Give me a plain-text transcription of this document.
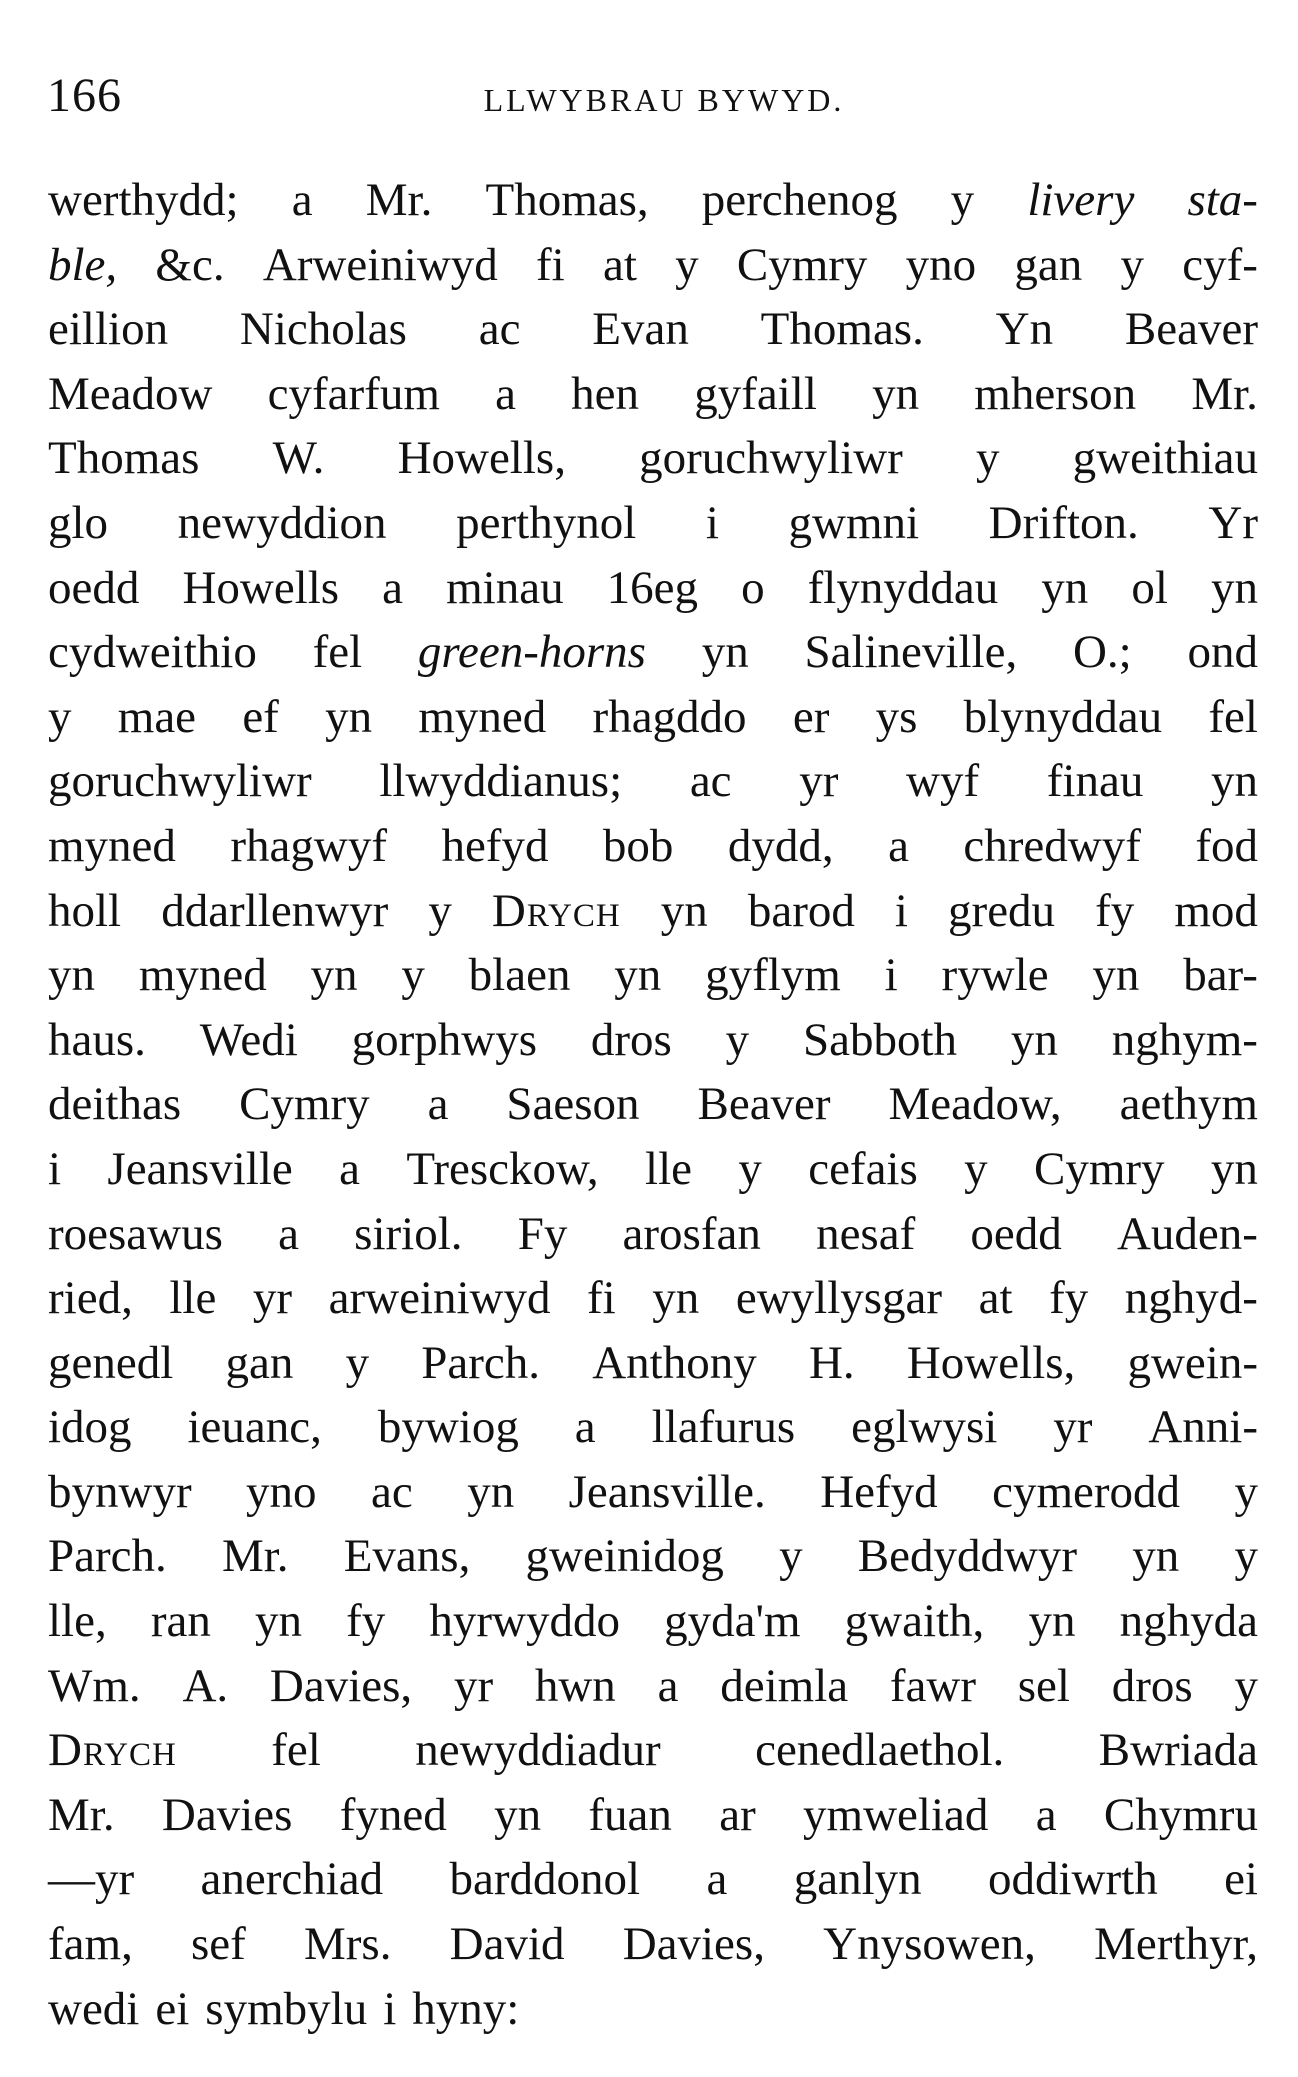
166	LLWYBRAU BYWYD.
werthydd; a Mr. Thomas, perchenog y livery sta-
ble, &c. Arweiniwyd fi at y Cymry yno gan y cyf-
eillion Nicholas ac Evan Thomas. Yn Beaver
Meadow cyfarfum a hen gyfaill yn mherson Mr.
Thomas W. Howells, goruchwyliwr y gweithiau
glo newyddion perthynol i gwmni Drifton. Yr
oedd Howells a minau 16eg o flynyddau yn ol yn
cydweithio fel green-horns yn Salineville, O.; ond
y mae ef yn myned rhagddo er ys blynyddau fel
goruchwyliwr llwyddianus; ac yr wyf finau yn
myned rhagwyf hefyd bob dydd, a chredwyf fod
holl ddarllenwyr y Drych yn barod i gredu fy mod
yn myned yn y blaen yn gyflym i rywle yn bar-
haus. Wedi gorphwys dros y Sabboth yn nghym-
deithas Cymry a Saeson Beaver Meadow, aethym
i Jeansville a Tresckow, lle y cefais y Cymry yn
roesawus a siriol. Fy arosfan nesaf oedd Auden-
ried, lle yr arweiniwyd fi yn ewyllysgar at fy nghyd-
genedl gan y Parch. Anthony H. Howells, gwein-
idog ieuanc, bywiog a llafurus eglwysi yr Anni-
bynwyr yno ac yn Jeansville. Hefyd cymerodd y
Parch. Mr. Evans, gweinidog y Bedyddwyr yn y
lle, ran yn fy hyrwyddo gyda'm gwaith, yn nghyda
Wm. A. Davies, yr hwn a deimla fawr sel dros y
Drych fel newyddiadur cenedlaethol. Bwriada
Mr. Davies fyned yn fuan ar ymweliad a Chymru
—yr anerchiad barddonol a ganlyn oddiwrth ei
fam, sef Mrs. David Davies, Ynysowen, Merthyr,
wedi ei symbylu i hyny:
